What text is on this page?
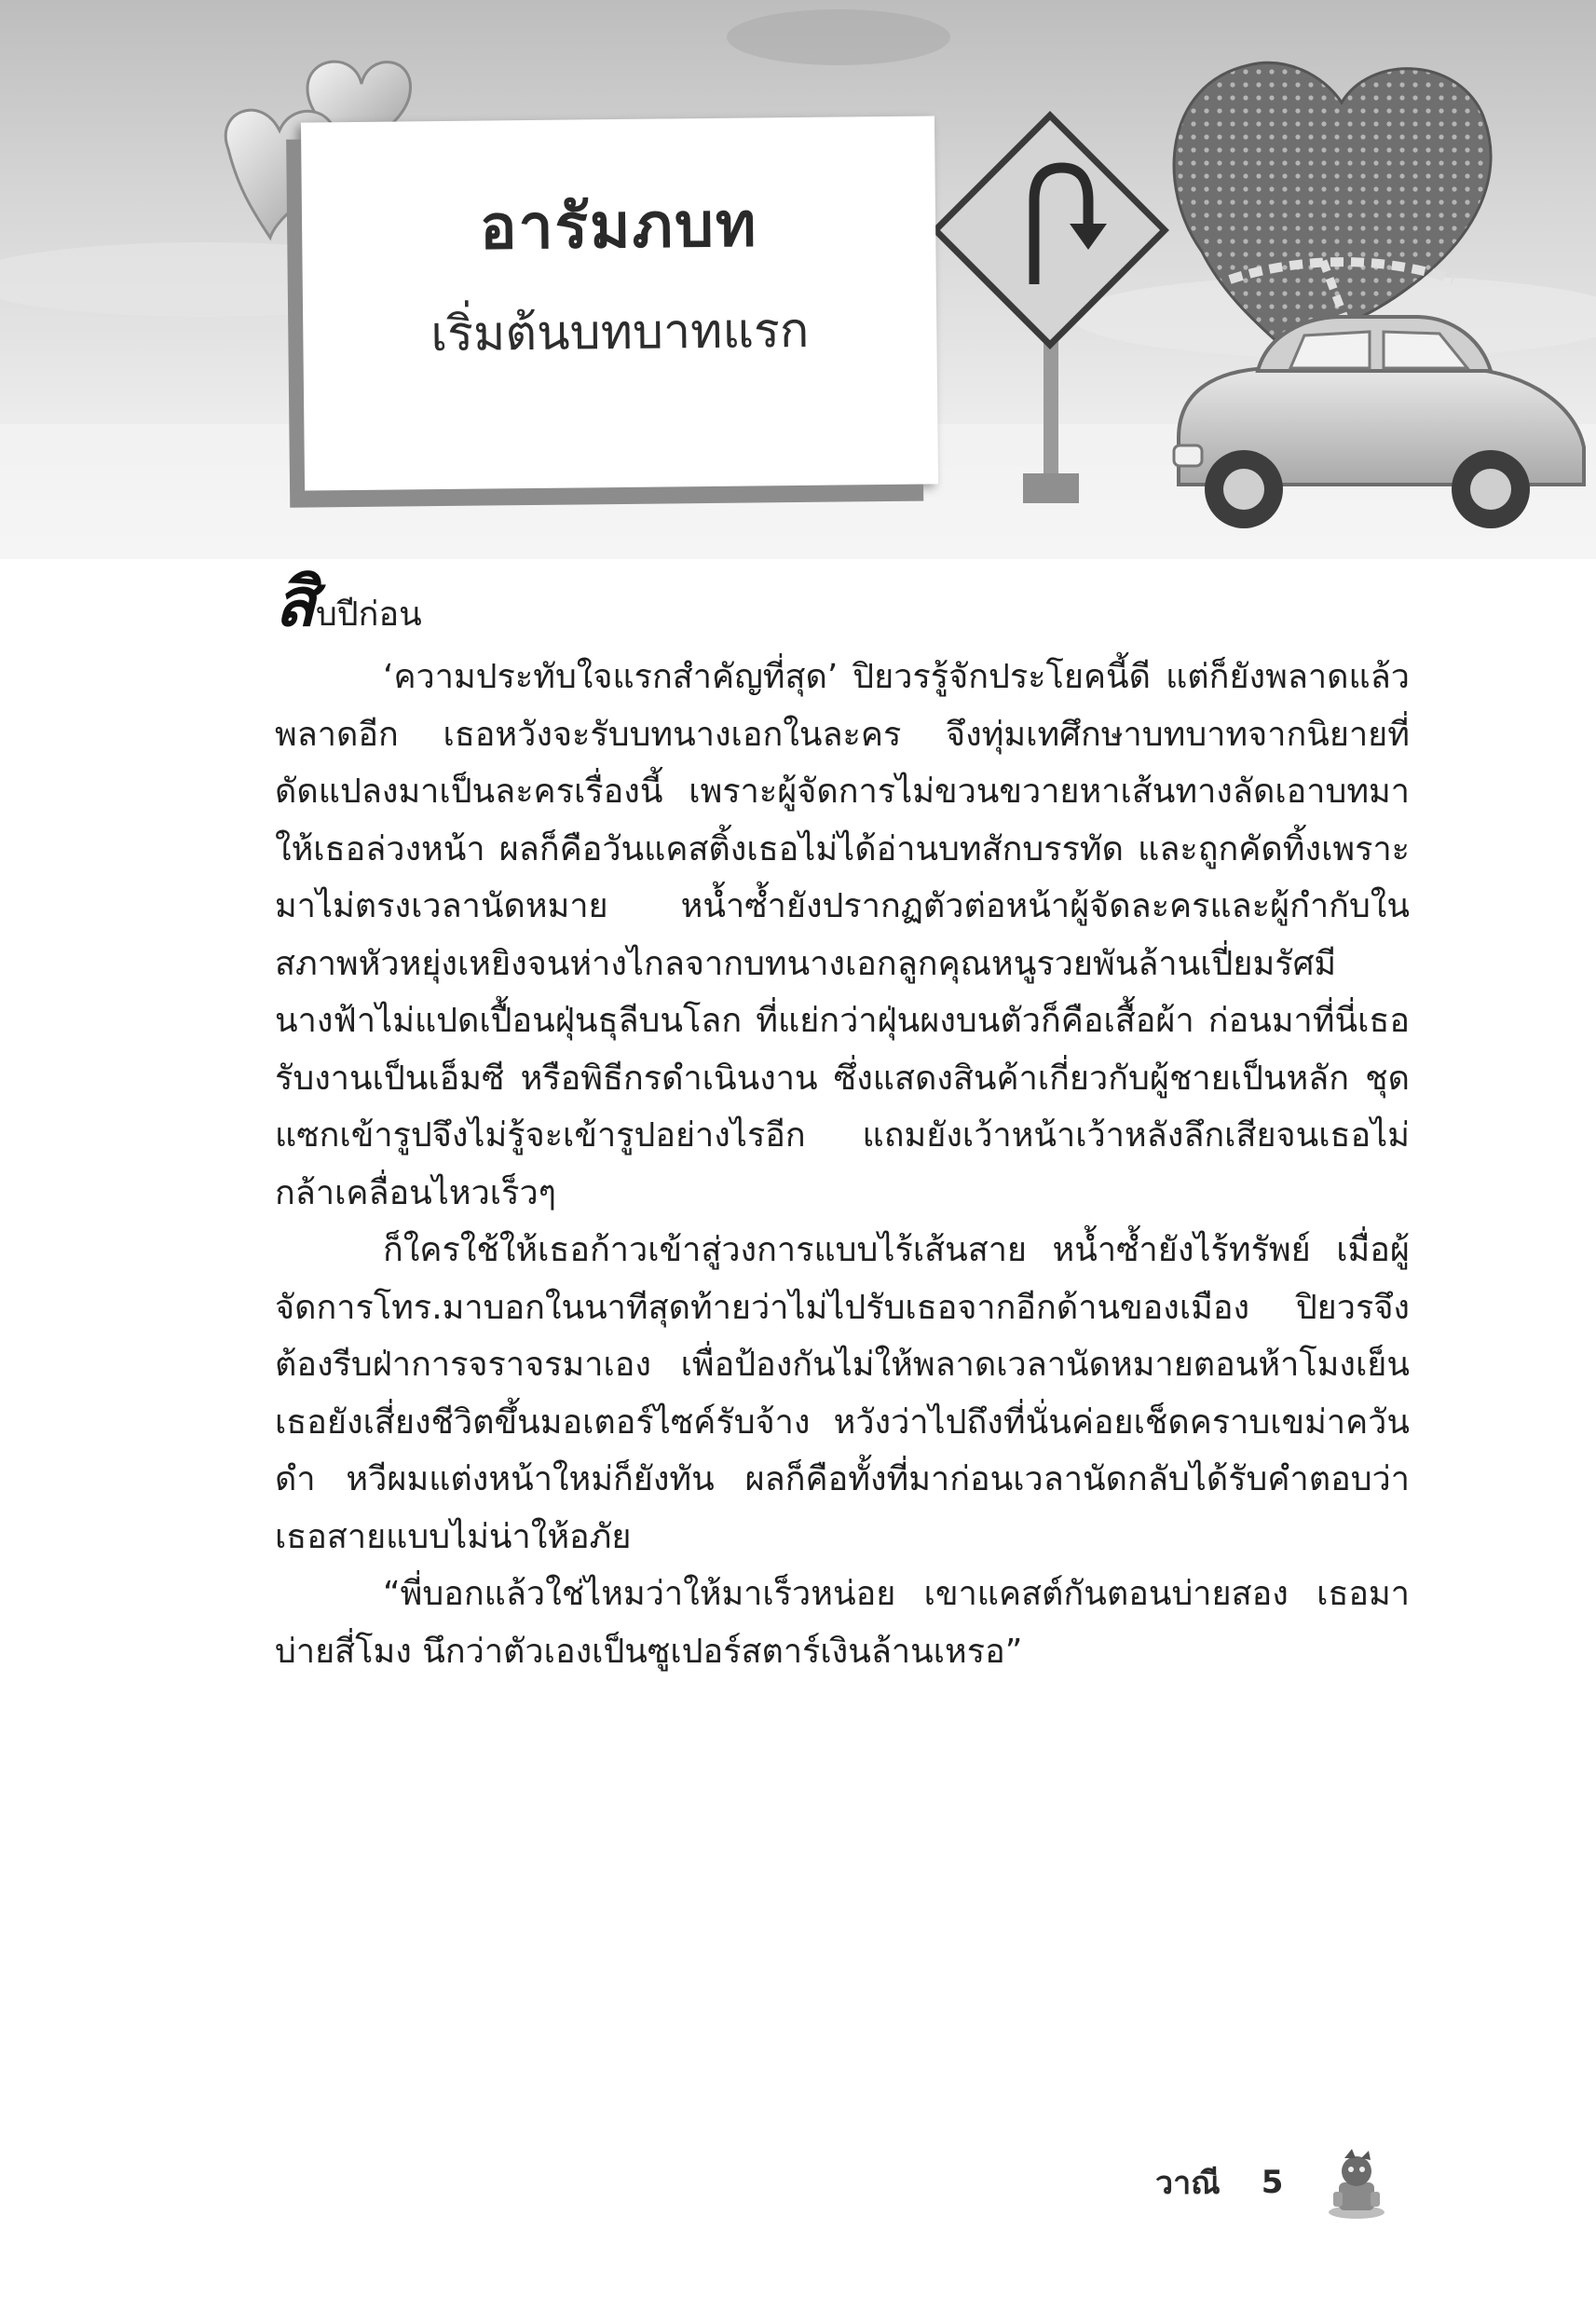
อารัมภบท
เริ่มต้นบทบาทแรก

สิบปีก่อน

‘ความประทับใจแรกสำคัญที่สุด’ ปิยวรรู้จักประโยคนี้ดี แต่ก็ยังพลาดแล้วพลาดอีก เธอหวังจะรับบทนางเอกในละคร จึงทุ่มเทศึกษาบทบาทจากนิยายที่ดัดแปลงมาเป็นละครเรื่องนี้ เพราะผู้จัดการไม่ขวนขวายหาเส้นทางลัดเอาบทมาให้เธอล่วงหน้า ผลก็คือวันแคสติ้งเธอไม่ได้อ่านบทสักบรรทัด และถูกคัดทิ้งเพราะมาไม่ตรงเวลานัดหมาย หน้ำซ้ำยังปรากฏตัวต่อหน้าผู้จัดละครและผู้กำกับในสภาพหัวหยุ่งเหยิงจนห่างไกลจากบทนางเอกลูกคุณหนูรวยพันล้านเปี่ยมรัศมีนางฟ้าไม่แปดเปื้อนฝุ่นธุลีบนโลก ที่แย่กว่าฝุ่นผงบนตัวก็คือเสื้อผ้า ก่อนมาที่นี่เธอรับงานเป็นเอ็มซี หรือพิธีกรดำเนินงาน ซึ่งแสดงสินค้าเกี่ยวกับผู้ชายเป็นหลัก ชุดแซกเข้ารูปจึงไม่รู้จะเข้ารูปอย่างไรอีก แถมยังเว้าหน้าเว้าหลังลึกเสียจนเธอไม่กล้าเคลื่อนไหวเร็วๆ

ก็ใครใช้ให้เธอก้าวเข้าสู่วงการแบบไร้เส้นสาย หน้ำซ้ำยังไร้ทรัพย์ เมื่อผู้จัดการโทร.มาบอกในนาทีสุดท้ายว่าไม่ไปรับเธอจากอีกด้านของเมือง ปิยวรจึงต้องรีบฝ่าการจราจรมาเอง เพื่อป้องกันไม่ให้พลาดเวลานัดหมายตอนห้าโมงเย็น เธอยังเสี่ยงชีวิตขึ้นมอเตอร์ไซค์รับจ้าง หวังว่าไปถึงที่นั่นค่อยเช็ดคราบเขม่าควันดำ หวีผมแต่งหน้าใหม่ก็ยังทัน ผลก็คือทั้งที่มาก่อนเวลานัดกลับได้รับคำตอบว่าเธอสายแบบไม่น่าให้อภัย

“พี่บอกแล้วใช่ไหมว่าให้มาเร็วหน่อย เขาแคสต์กันตอนบ่ายสอง เธอมาบ่ายสี่โมง นึกว่าตัวเองเป็นซูเปอร์สตาร์เงินล้านเหรอ”

วาณี 5
